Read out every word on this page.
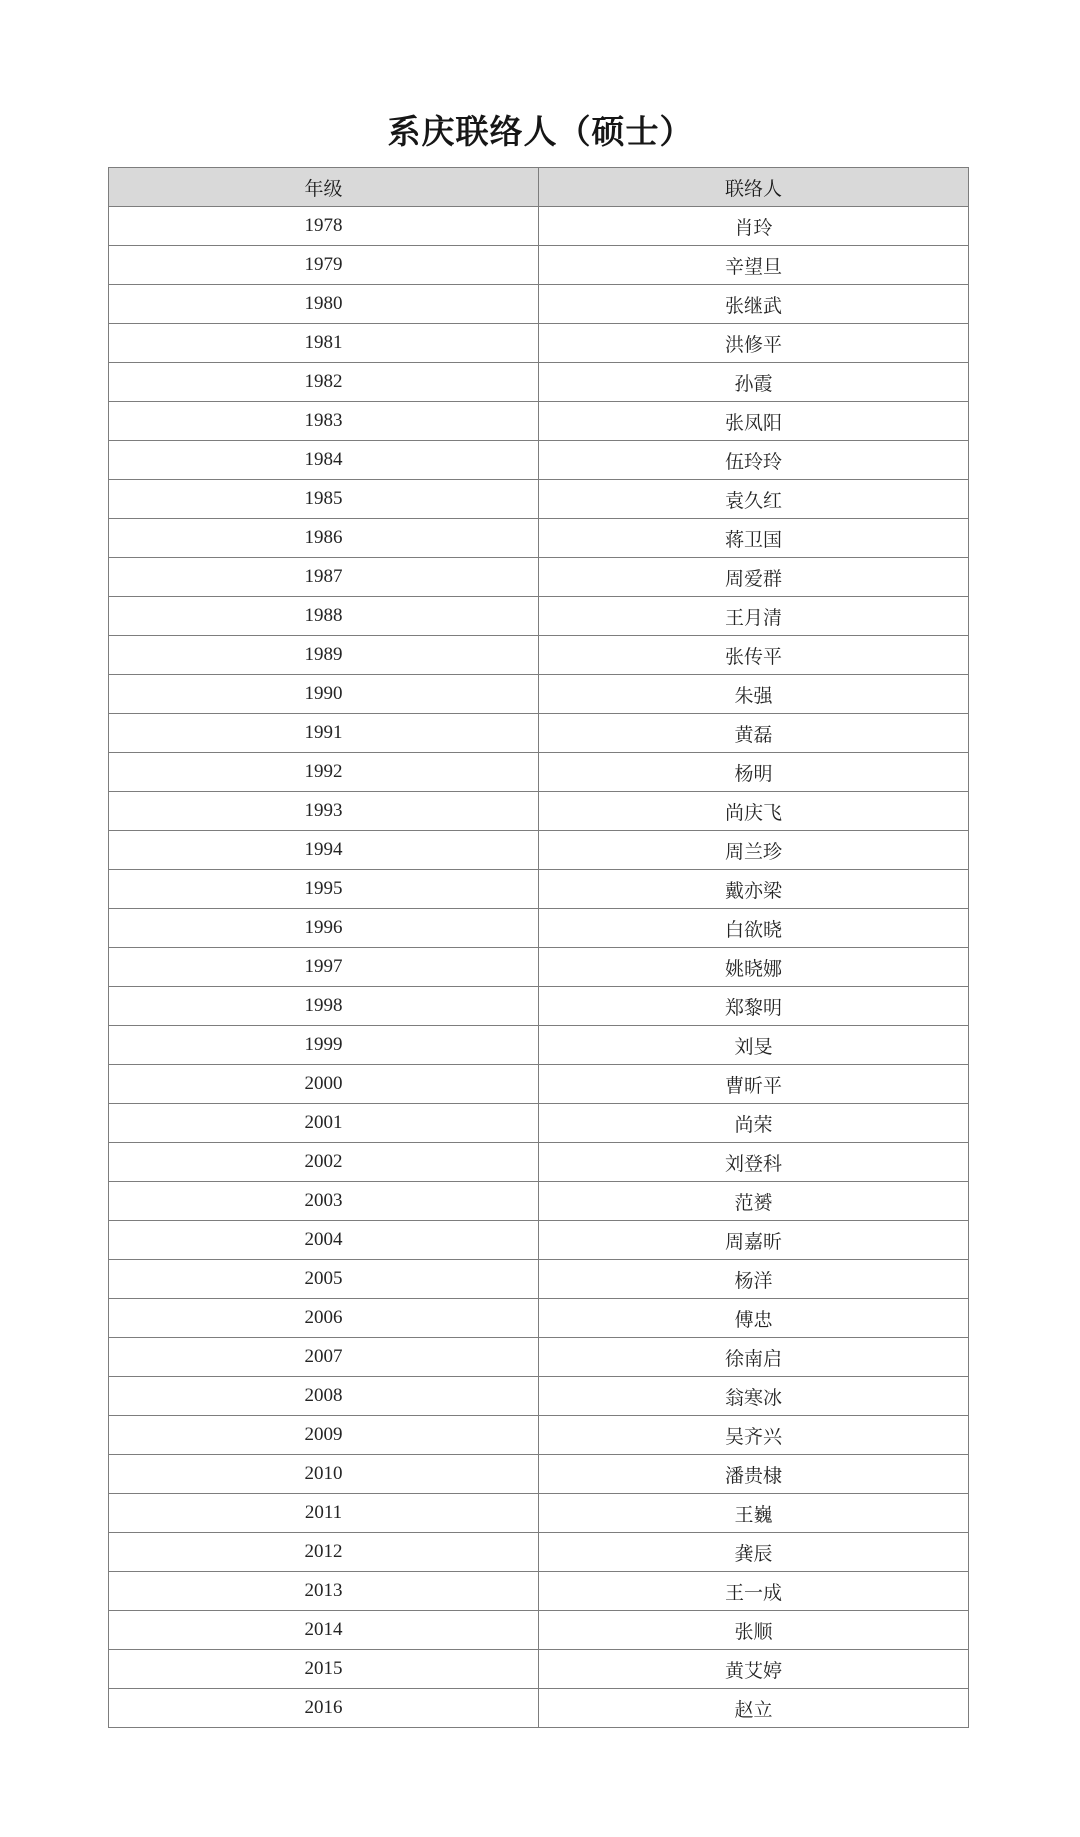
系庆联络人（硕士）
年级	联络人
1978	肖玲
1979	辛望旦
1980	张继武
1981	洪修平
1982	孙霞
1983	张凤阳
1984	伍玲玲
1985	袁久红
1986	蒋卫国
1987	周爱群
1988	王月清
1989	张传平
1990	朱强
1991	黄磊
1992	杨明
1993	尚庆飞
1994	周兰珍
1995	戴亦梁
1996	白欲晓
1997	姚晓娜
1998	郑黎明
1999	刘旻
2000	曹昕平
2001	尚荣
2002	刘登科
2003	范赟
2004	周嘉昕
2005	杨洋
2006	傅忠
2007	徐南启
2008	翁寒冰
2009	吴齐兴
2010	潘贵棣
2011	王巍
2012	龚辰
2013	王一成
2014	张顺
2015	黄艾婷
2016	赵立
